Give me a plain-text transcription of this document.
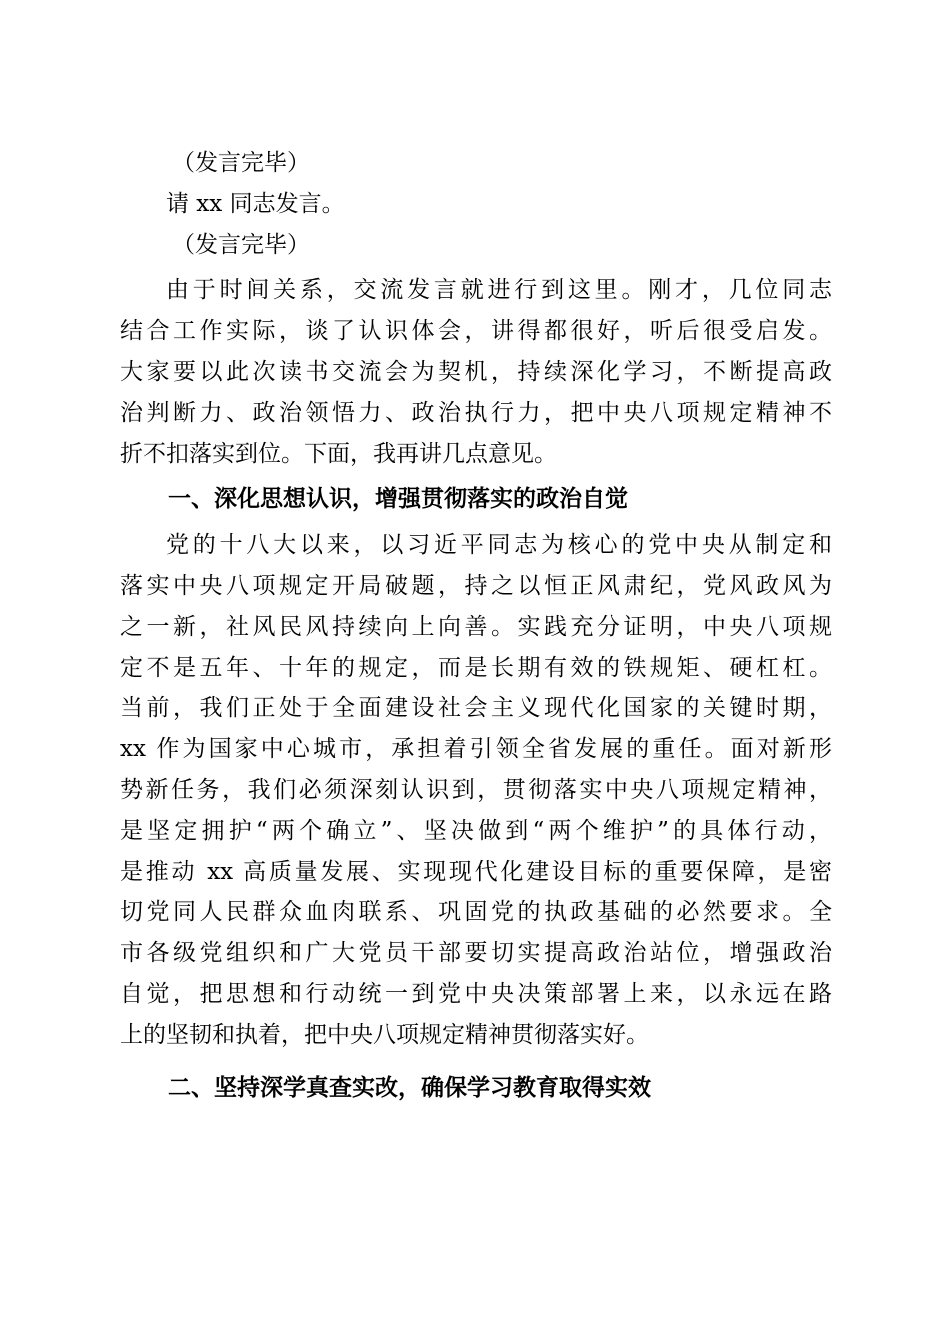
（发言完毕）
请 xx 同志发言。
（发言完毕）
由于时间关系，交流发言就进行到这里。刚才，几位同志
结合工作实际，谈了认识体会，讲得都很好，听后很受启发。
大家要以此次读书交流会为契机，持续深化学习，不断提高政
治判断力、政治领悟力、政治执行力，把中央八项规定精神不
折不扣落实到位。下面，我再讲几点意见。
一、深化思想认识，增强贯彻落实的政治自觉
党的十八大以来，以习近平同志为核心的党中央从制定和
落实中央八项规定开局破题，持之以恒正风肃纪，党风政风为
之一新，社风民风持续向上向善。实践充分证明，中央八项规
定不是五年、十年的规定，而是长期有效的铁规矩、硬杠杠。
当前，我们正处于全面建设社会主义现代化国家的关键时期，
xx 作为国家中心城市，承担着引领全省发展的重任。面对新形
势新任务，我们必须深刻认识到，贯彻落实中央八项规定精神，
是坚定拥护“两个确立”、坚决做到“两个维护”的具体行动，
是推动 xx 高质量发展、实现现代化建设目标的重要保障，是密
切党同人民群众血肉联系、巩固党的执政基础的必然要求。全
市各级党组织和广大党员干部要切实提高政治站位，增强政治
自觉，把思想和行动统一到党中央决策部署上来，以永远在路
上的坚韧和执着，把中央八项规定精神贯彻落实好。
二、坚持深学真查实改，确保学习教育取得实效
